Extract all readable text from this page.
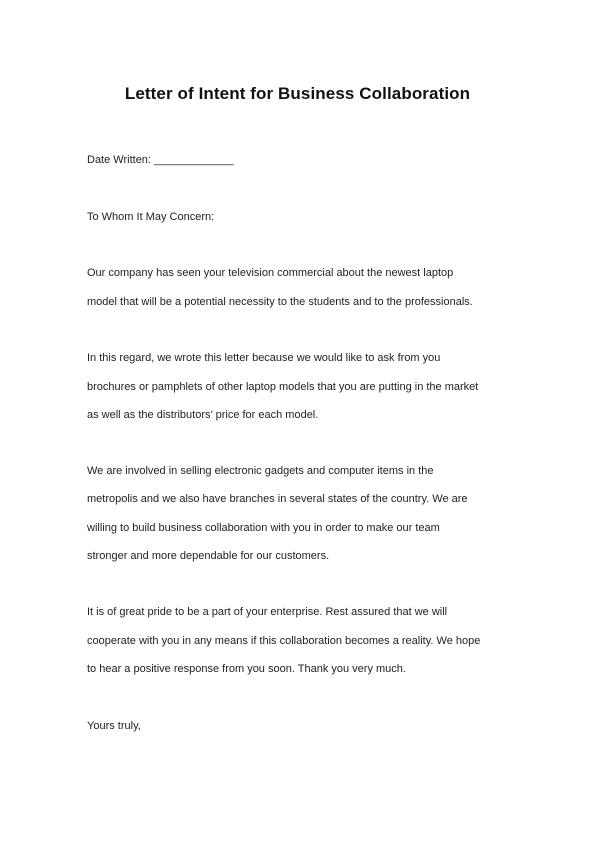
Letter of Intent for Business Collaboration
Date Written: _____________
To Whom It May Concern:
Our company has seen your television commercial about the newest laptop
model that will be a potential necessity to the students and to the professionals.
In this regard, we wrote this letter because we would like to ask from you
brochures or pamphlets of other laptop models that you are putting in the market
as well as the distributors’ price for each model.
We are involved in selling electronic gadgets and computer items in the
metropolis and we also have branches in several states of the country. We are
willing to build business collaboration with you in order to make our team
stronger and more dependable for our customers.
It is of great pride to be a part of your enterprise. Rest assured that we will
cooperate with you in any means if this collaboration becomes a reality. We hope
to hear a positive response from you soon. Thank you very much.
Yours truly,
